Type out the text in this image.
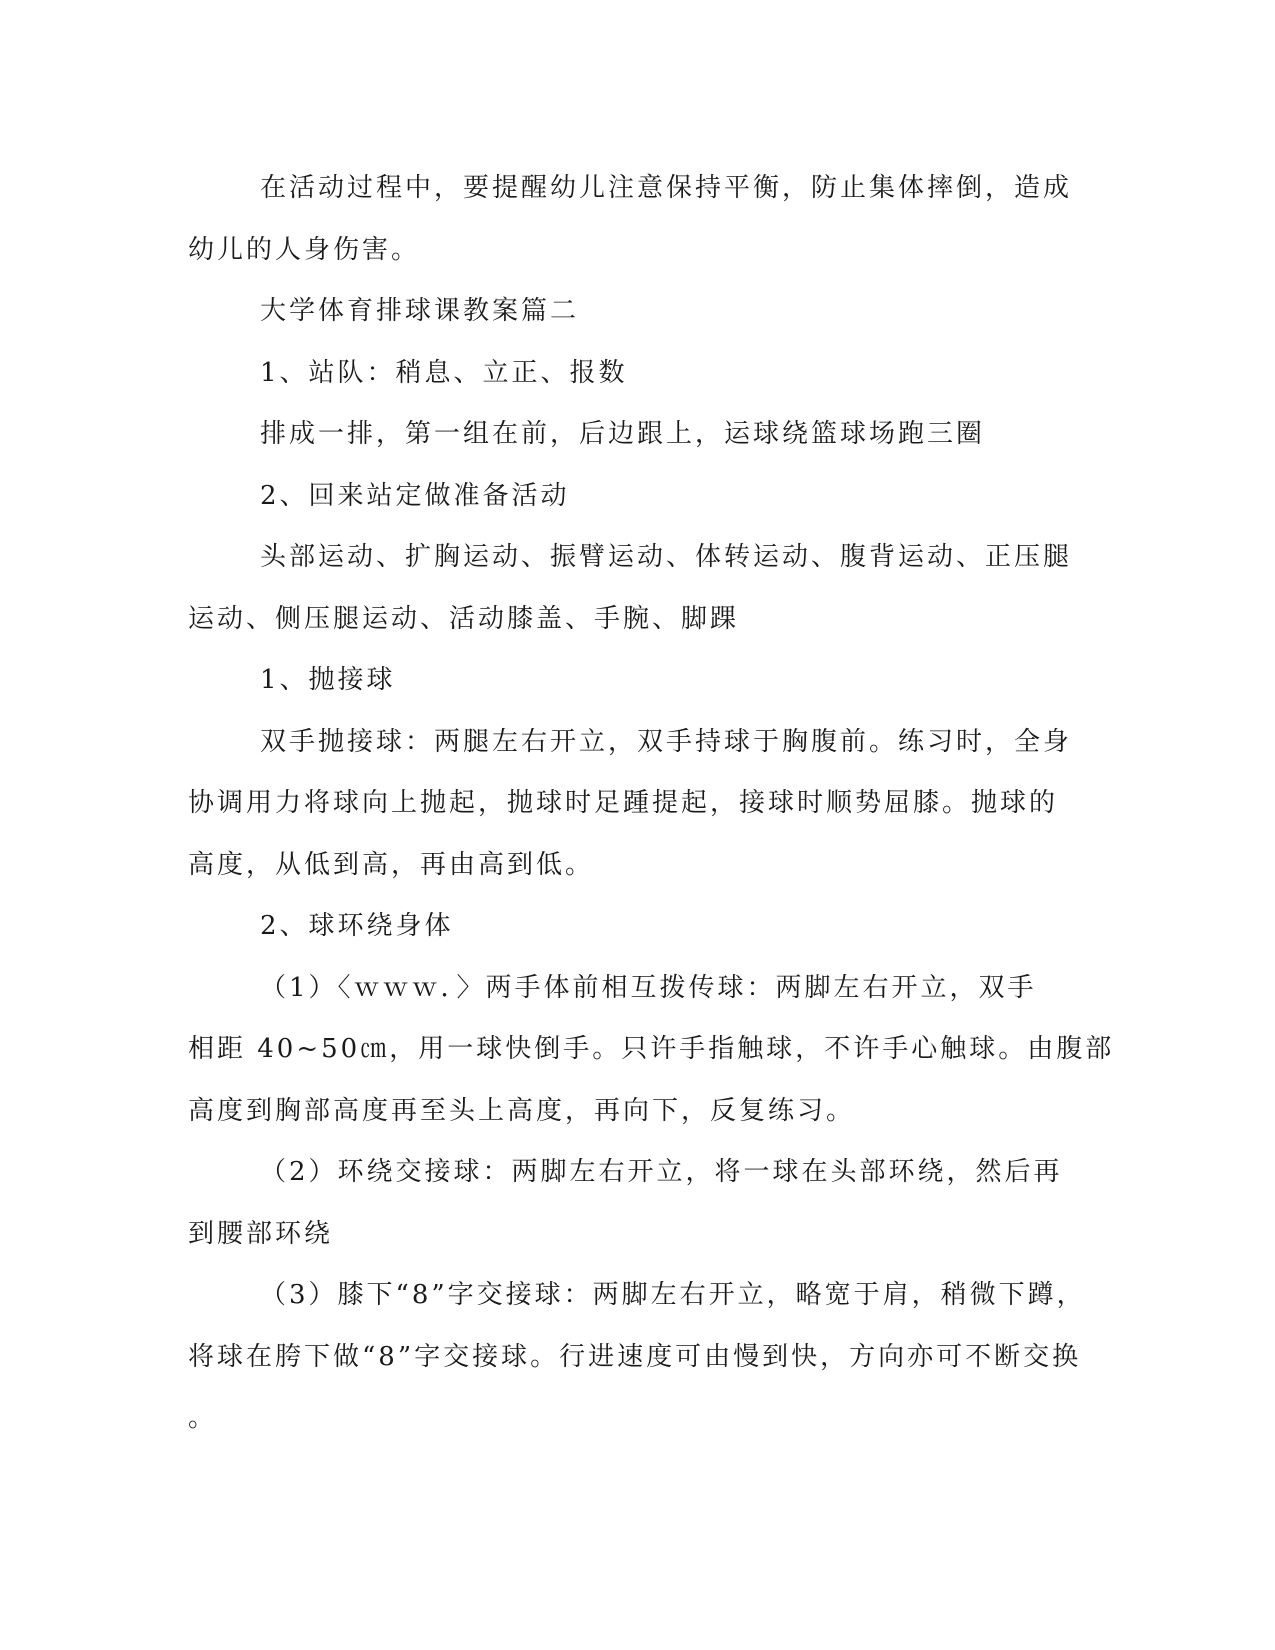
在活动过程中，要提醒幼儿注意保持平衡，防止集体摔倒，造成

幼儿的人身伤害。

大学体育排球课教案篇二

1、站队：稍息、立正、报数

排成一排，第一组在前，后边跟上，运球绕篮球场跑三圈

2、回来站定做准备活动

头部运动、扩胸运动、振臂运动、体转运动、腹背运动、正压腿

运动、侧压腿运动、活动膝盖、手腕、脚踝

1、抛接球

双手抛接球：两腿左右开立，双手持球于胸腹前。练习时，全身

协调用力将球向上抛起，抛球时足踵提起，接球时顺势屈膝。抛球的

高度，从低到高，再由高到低。

2、球环绕身体

（1）〈ｗｗｗ．〉两手体前相互拨传球：两脚左右开立，双手

相距 40~50㎝，用一球快倒手。只许手指触球，不许手心触球。由腹部

高度到胸部高度再至头上高度，再向下，反复练习。

（2）环绕交接球：两脚左右开立，将一球在头部环绕，然后再

到腰部环绕

（3）膝下“8”字交接球：两脚左右开立，略宽于肩，稍微下蹲，

将球在胯下做“8”字交接球。行进速度可由慢到快，方向亦可不断交换

。
